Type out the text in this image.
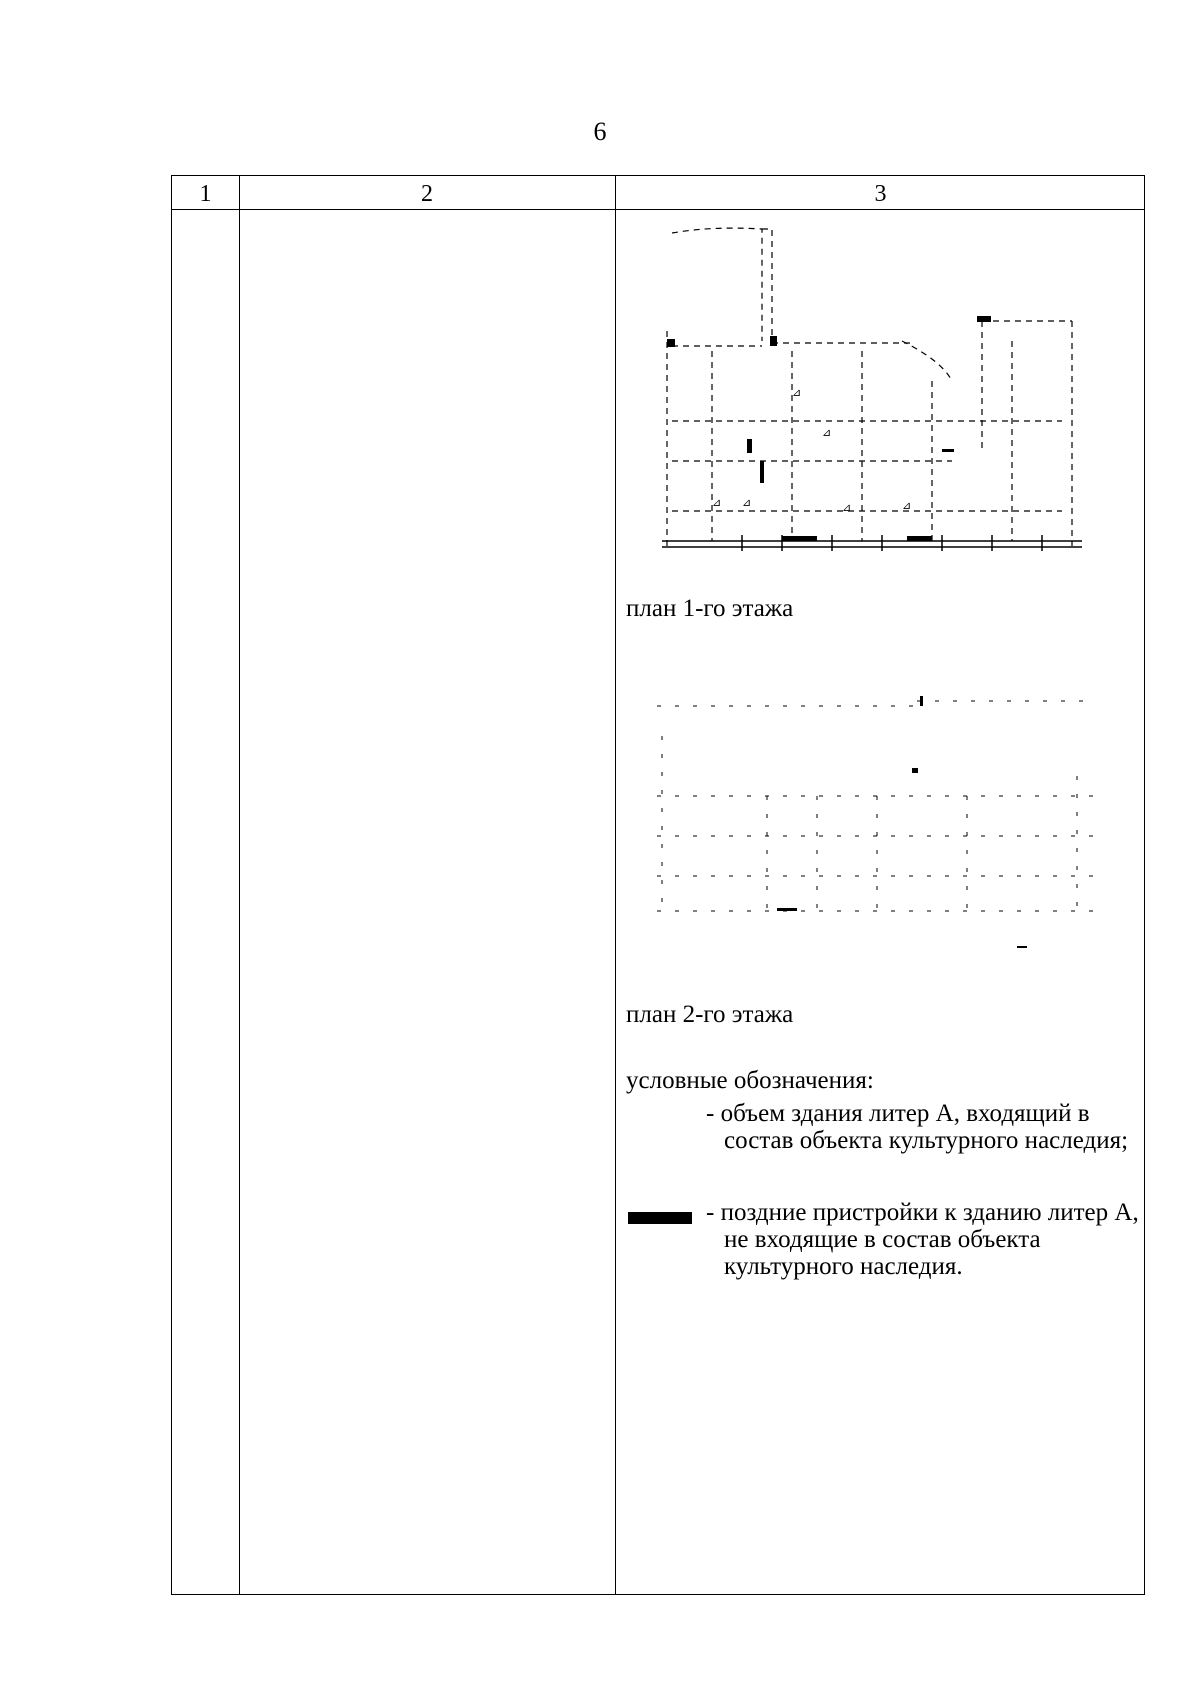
6
1	2	3
⊿
⊿
⊿ ⊿	⊿	⊿
план 1-го этажа
план 2-го этажа
условные обозначения:
- объем здания литер А, входящий в состав объекта культурного наследия;
- поздние пристройки к зданию литер А, не входящие в состав объекта культурного наследия.
